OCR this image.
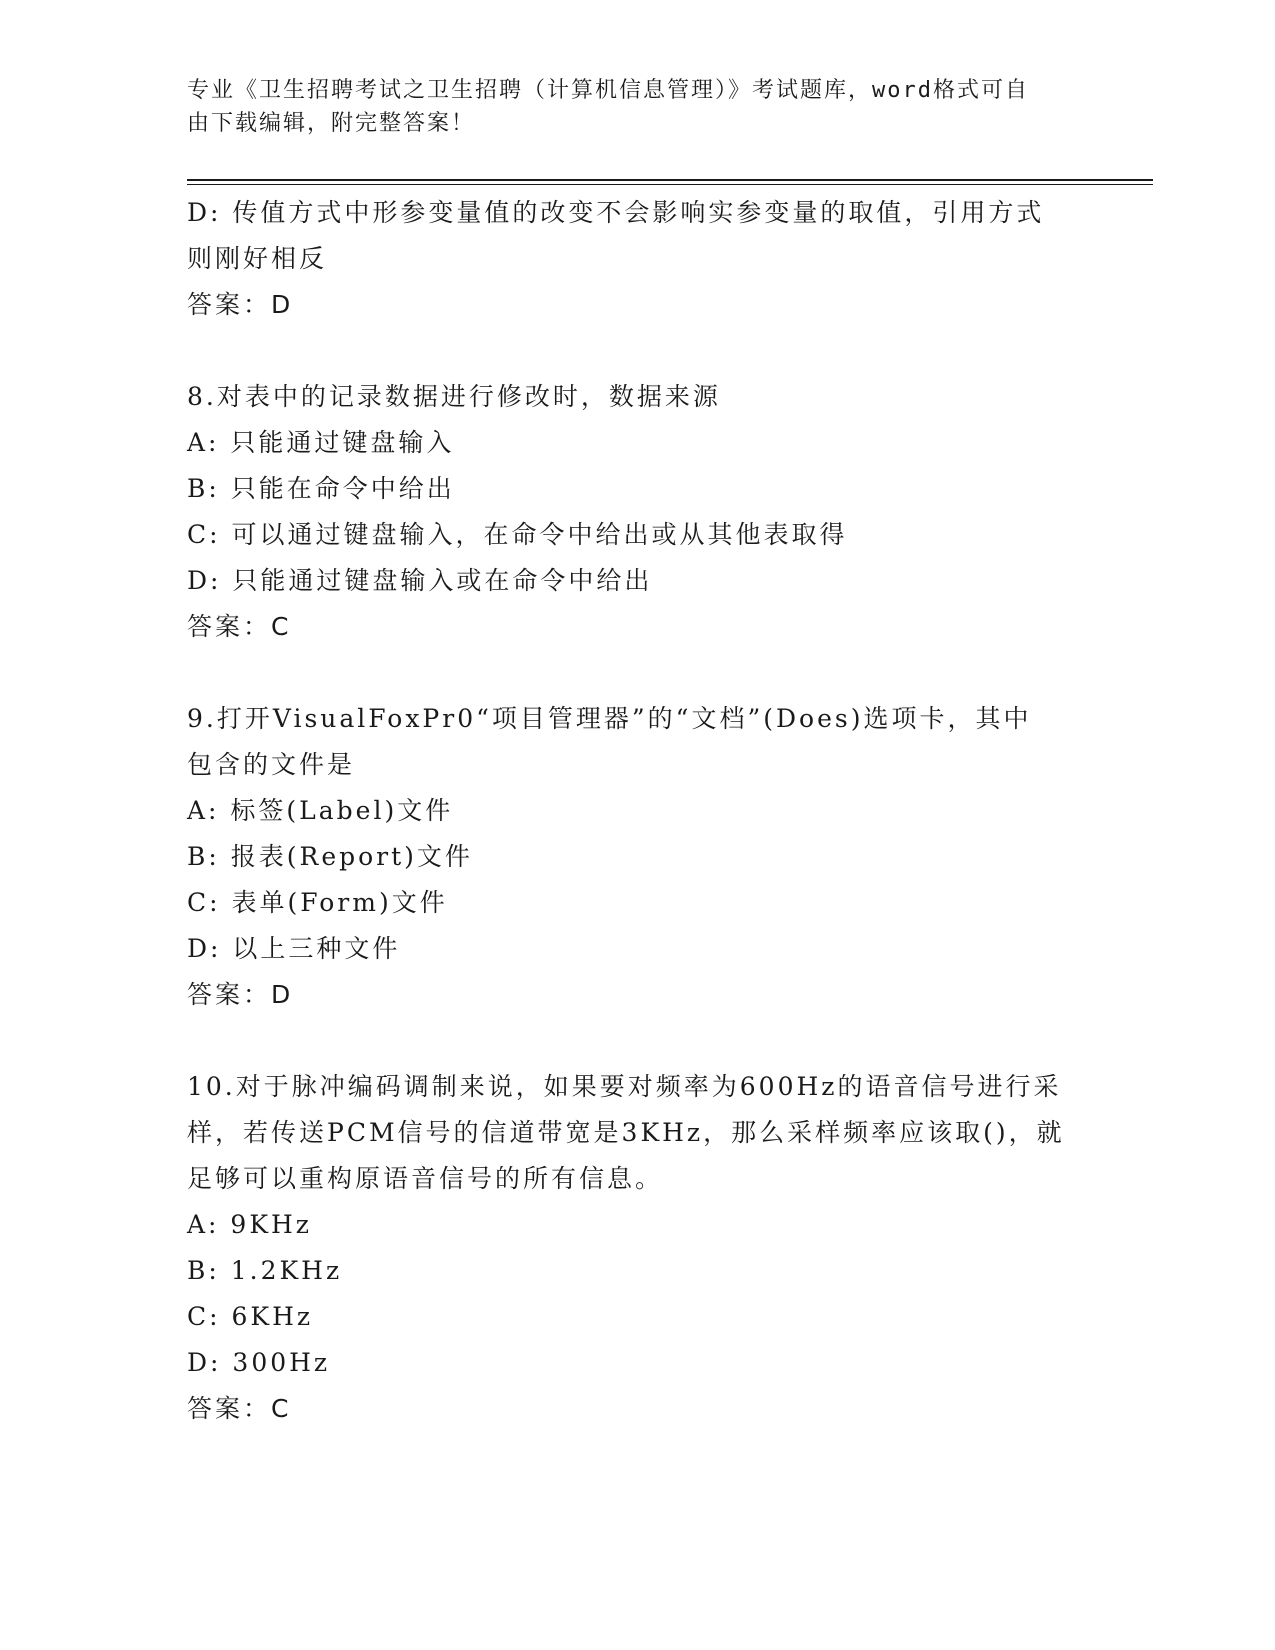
专业《卫生招聘考试之卫生招聘（计算机信息管理）》考试题库，word格式可自
由下载编辑，附完整答案！

D: 传值方式中形参变量值的改变不会影响实参变量的取值，引用方式

则刚好相反

答案：D

8.对表中的记录数据进行修改时，数据来源

A: 只能通过键盘输入

B: 只能在命令中给出

C: 可以通过键盘输入，在命令中给出或从其他表取得

D: 只能通过键盘输入或在命令中给出

答案：C

9.打开VisualFoxPr0“项目管理器”的“文档”(Does)选项卡，其中

包含的文件是

A: 标签(Label)文件

B: 报表(Report)文件

C: 表单(Form)文件

D: 以上三种文件

答案：D

10.对于脉冲编码调制来说，如果要对频率为600Hz的语音信号进行采

样，若传送PCM信号的信道带宽是3KHz，那么采样频率应该取()，就

足够可以重构原语音信号的所有信息。

A: 9KHz

B: 1.2KHz

C: 6KHz

D: 300Hz

答案：C
